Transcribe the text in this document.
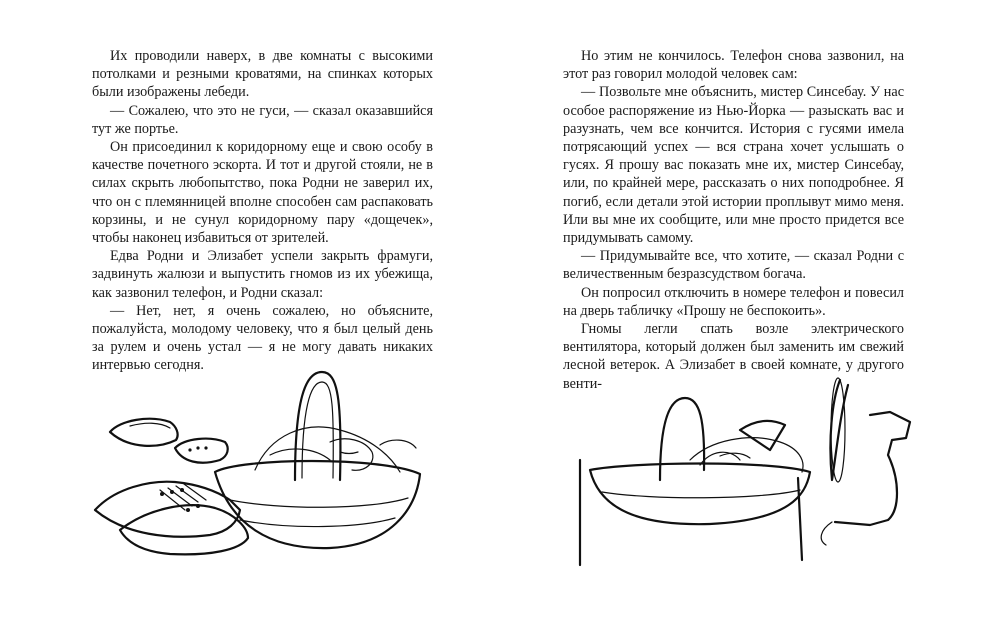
Их проводили наверх, в две комнаты с высокими потолками и резными кроватями, на спинках которых были изображены лебеди.

— Сожалею, что это не гуси, — сказал оказавшийся тут же портье.

Он присоединил к коридорному еще и свою особу в качестве почетного эскорта. И тот и другой стояли, не в силах скрыть любопытство, пока Родни не заверил их, что он с племянницей вполне способен сам распаковать корзины, и не сунул коридорному пару «дощечек», чтобы наконец избавиться от зрителей.

Едва Родни и Элизабет успели закрыть фрамуги, задвинуть жалюзи и выпустить гномов из их убежища, как зазвонил телефон, и Родни сказал:

— Нет, нет, я очень сожалею, но объясните, пожалуйста, молодому человеку, что я был целый день за рулем и очень устал — я не могу давать никаких интервью сегодня.

Но этим не кончилось. Телефон снова зазвонил, на этот раз говорил молодой человек сам:

— Позвольте мне объяснить, мистер Синсебау. У нас особое распоряжение из Нью-Йорка — разыскать вас и разузнать, чем все кончится. История с гусями имела потрясающий успех — вся страна хочет услышать о гусях. Я прошу вас показать мне их, мистер Синсебау, или, по крайней мере, рассказать о них поподробнее. Я погиб, если детали этой истории проплывут мимо меня. Или вы мне их сообщите, или мне просто придется все придумывать самому.

— Придумывайте все, что хотите, — сказал Родни с величественным безразсудством богача.

Он попросил отключить в номере телефон и повесил на дверь табличку «Прошу не беспокоить».

Гномы легли спать возле электрического вентилятора, который должен был заменить им свежий лесной ветерок. А Элизабет в своей комнате, у другого венти-
